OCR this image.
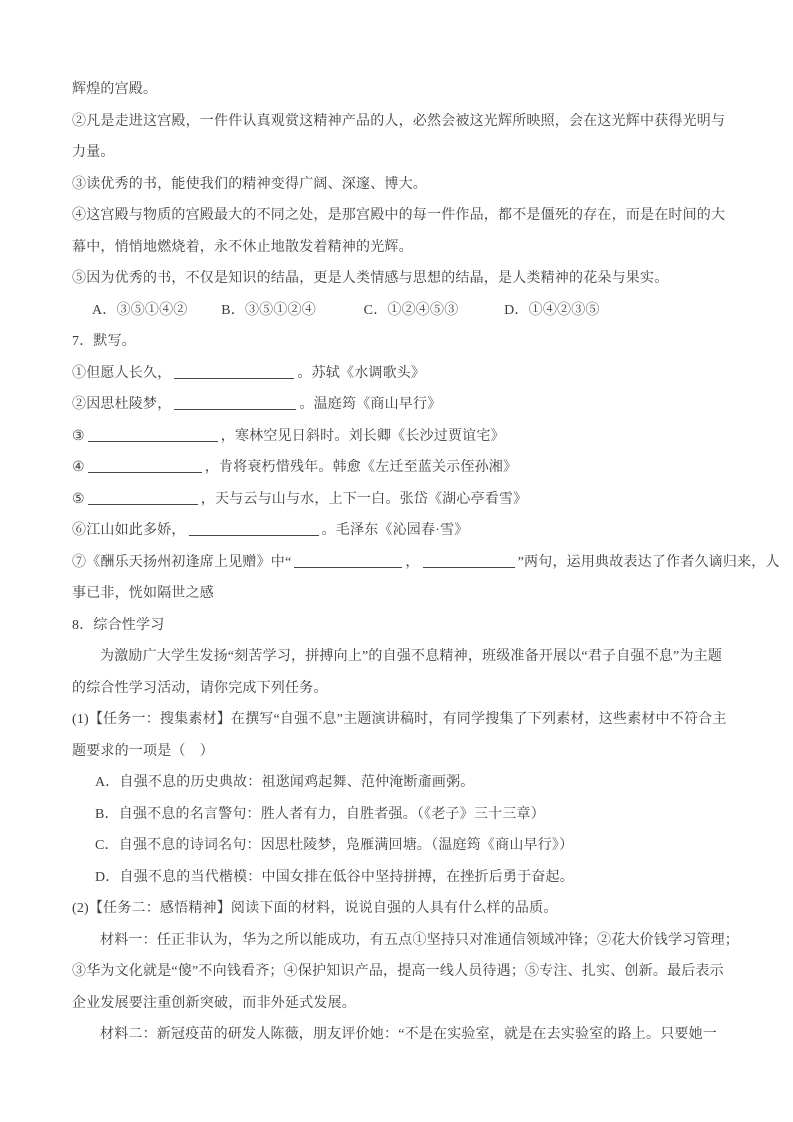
辉煌的宫殿。

②凡是走进这宫殿，一件件认真观赏这精神产品的人，必然会被这光辉所映照，会在这光辉中获得光明与

力量。

③读优秀的书，能使我们的精神变得广阔、深邃、博大。

④这宫殿与物质的宫殿最大的不同之处，是那宫殿中的每一件作品，都不是僵死的存在，而是在时间的大

幕中，悄悄地燃烧着，永不休止地散发着精神的光辉。

⑤因为优秀的书，不仅是知识的结晶，更是人类情感与思想的结晶，是人类精神的花朵与果实。

A．③⑤①④② B．③⑤①②④	C．①②④⑤③	D．①④②③⑤

7．默写。

①但愿人长久，	。苏轼《水调歌头》

②因思杜陵梦，	。温庭筠《商山早行》

③	，寒林空见日斜时。刘长卿《长沙过贾谊宅》

④	，肯将衰朽惜残年。韩愈《左迁至蓝关示侄孙湘》

⑤	，天与云与山与水，上下一白。张岱《湖心亭看雪》

⑥江山如此多娇，	。毛泽东《沁园春·雪》

⑦《酬乐天扬州初逢席上见赠》中“	，	”两句，运用典故表达了作者久谪归来，人

事已非，恍如隔世之感

8．综合性学习

为激励广大学生发扬“刻苦学习，拼搏向上”的自强不息精神，班级准备开展以“君子自强不息”为主题

的综合性学习活动，请你完成下列任务。

(1)【任务一：搜集素材】在撰写“自强不息”主题演讲稿时，有同学搜集了下列素材，这些素材中不符合主

题要求的一项是（　）

A．自强不息的历史典故：祖逖闻鸡起舞、范仲淹断齑画粥。

B．自强不息的名言警句：胜人者有力，自胜者强。（《老子》三十三章）

C．自强不息的诗词名句：因思杜陵梦，凫雁满回塘。（温庭筠《商山早行》）

D．自强不息的当代楷模：中国女排在低谷中坚持拼搏，在挫折后勇于奋起。

(2)【任务二：感悟精神】阅读下面的材料，说说自强的人具有什么样的品质。

材料一：任正非认为，华为之所以能成功，有五点①坚持只对准通信领域冲锋；②花大价钱学习管理；

③华为文化就是“傻”不向钱看齐；④保护知识产品，提高一线人员待遇；⑤专注、扎实、创新。最后表示

企业发展要注重创新突破，而非外延式发展。

材料二：新冠疫苗的研发人陈薇，朋友评价她：“不是在实验室，就是在去实验室的路上。只要她一
